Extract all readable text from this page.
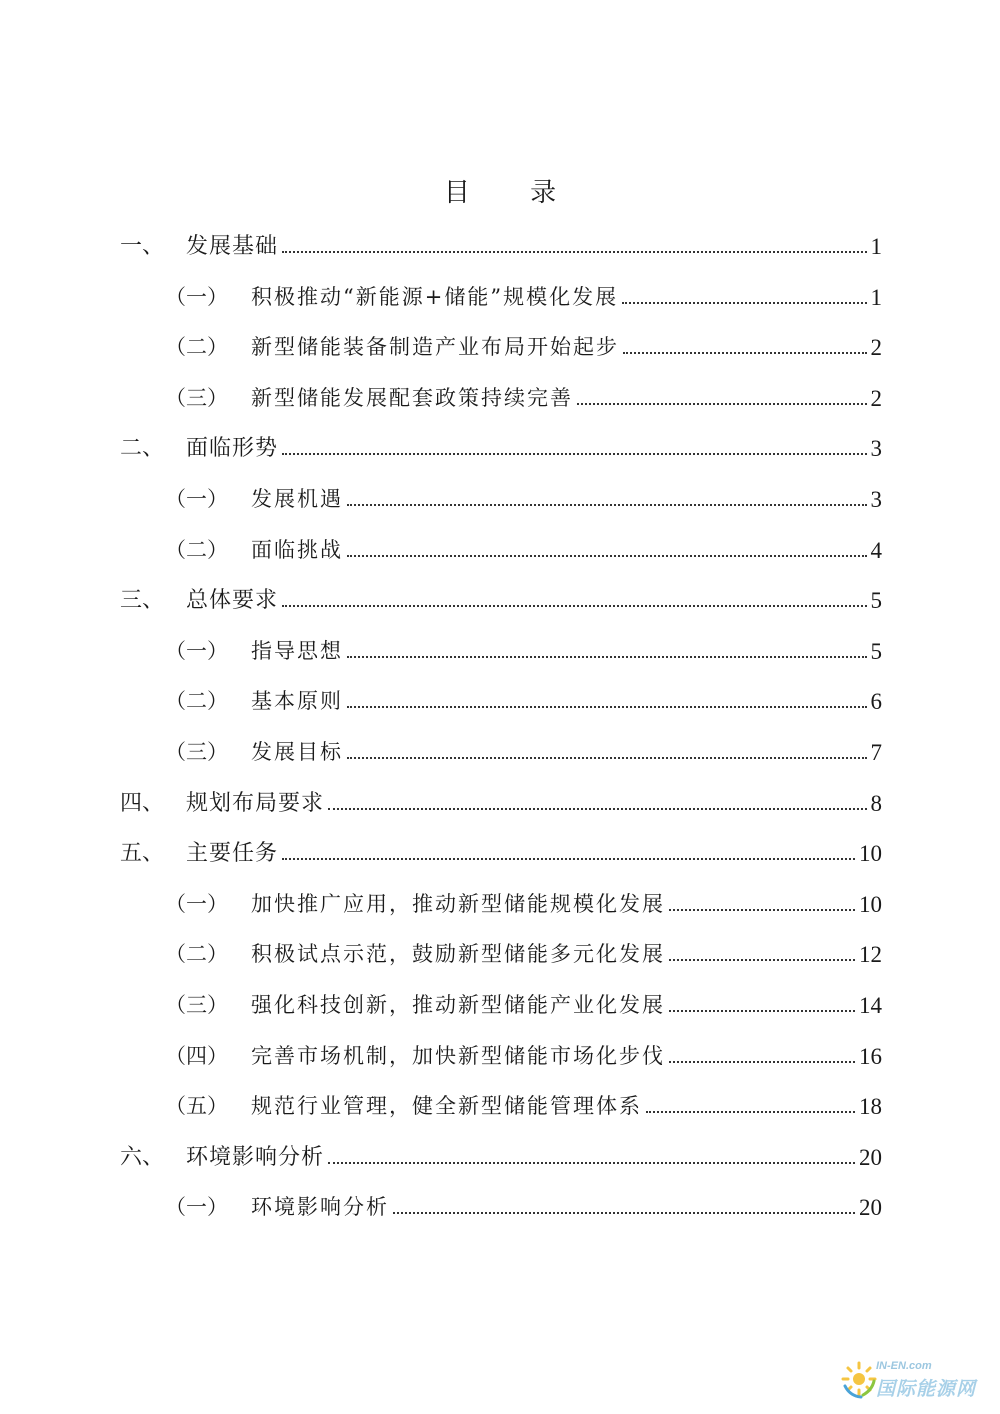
目 录
一、 发展基础	1
（一）	积极推动“新能源+储能”规模化发展	1
（二）	新型储能装备制造产业布局开始起步	2
（三）	新型储能发展配套政策持续完善	2
二、 面临形势	3
（一）	发展机遇	3
（二）	面临挑战	4
三、 总体要求	5
（一）	指导思想	5
（二）	基本原则	6
（三）	发展目标	7
四、 规划布局要求	8
五、 主要任务	10
（一）	加快推广应用，推动新型储能规模化发展	10
（二）	积极试点示范，鼓励新型储能多元化发展	12
（三）	强化科技创新，推动新型储能产业化发展	14
（四）	完善市场机制，加快新型储能市场化步伐	16
（五）	规范行业管理，健全新型储能管理体系	18
六、 环境影响分析	20
（一）	环境影响分析	20
IN-EN.com
国际能源网
